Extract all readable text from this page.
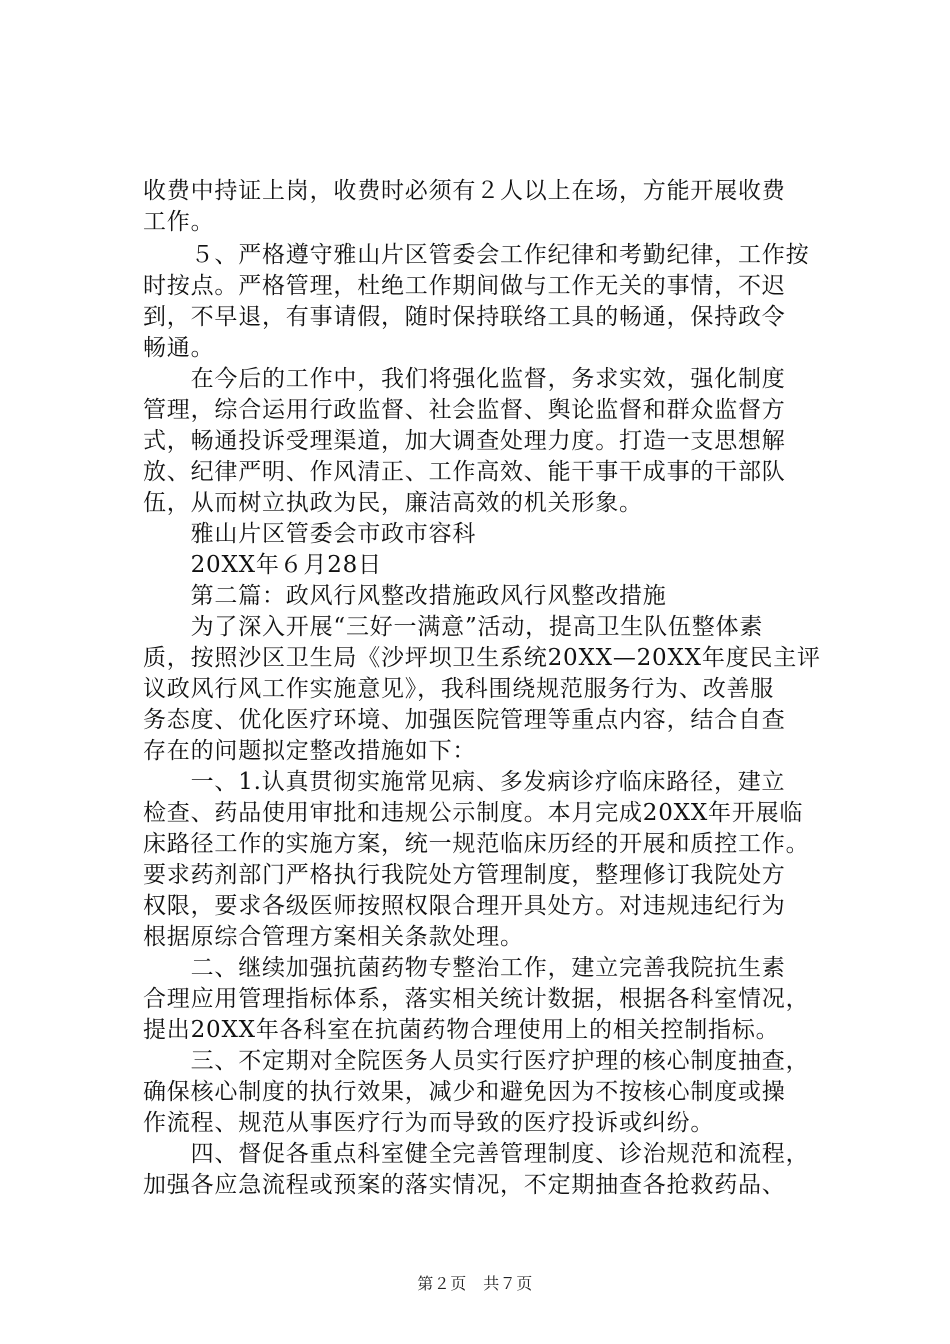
收费中持证上岗，收费时必须有２人以上在场，方能开展收费
工作。
　　５、严格遵守雅山片区管委会工作纪律和考勤纪律，工作按
时按点。严格管理，杜绝工作期间做与工作无关的事情，不迟
到，不早退，有事请假，随时保持联络工具的畅通，保持政令
畅通。
　　在今后的工作中，我们将强化监督，务求实效，强化制度
管理，综合运用行政监督、社会监督、舆论监督和群众监督方
式，畅通投诉受理渠道，加大调查处理力度。打造一支思想解
放、纪律严明、作风清正、工作高效、能干事干成事的干部队
伍，从而树立执政为民，廉洁高效的机关形象。
　　雅山片区管委会市政市容科
　　20XX年６月28日
　　第二篇：政风行风整改措施政风行风整改措施
　　为了深入开展“三好一满意”活动，提高卫生队伍整体素
质，按照沙区卫生局《沙坪坝卫生系统20XX—20XX年度民主评
议政风行风工作实施意见》，我科围绕规范服务行为、改善服
务态度、优化医疗环境、加强医院管理等重点内容，结合自查
存在的问题拟定整改措施如下：
　　一、1.认真贯彻实施常见病、多发病诊疗临床路径，建立
检查、药品使用审批和违规公示制度。本月完成20XX年开展临
床路径工作的实施方案，统一规范临床历经的开展和质控工作。
要求药剂部门严格执行我院处方管理制度，整理修订我院处方
权限，要求各级医师按照权限合理开具处方。对违规违纪行为
根据原综合管理方案相关条款处理。
　　二、继续加强抗菌药物专整治工作，建立完善我院抗生素
合理应用管理指标体系，落实相关统计数据，根据各科室情况，
提出20XX年各科室在抗菌药物合理使用上的相关控制指标。
　　三、不定期对全院医务人员实行医疗护理的核心制度抽查，
确保核心制度的执行效果，减少和避免因为不按核心制度或操
作流程、规范从事医疗行为而导致的医疗投诉或纠纷。
　　四、督促各重点科室健全完善管理制度、诊治规范和流程，
加强各应急流程或预案的落实情况，不定期抽查各抢救药品、
第２页　共７页
